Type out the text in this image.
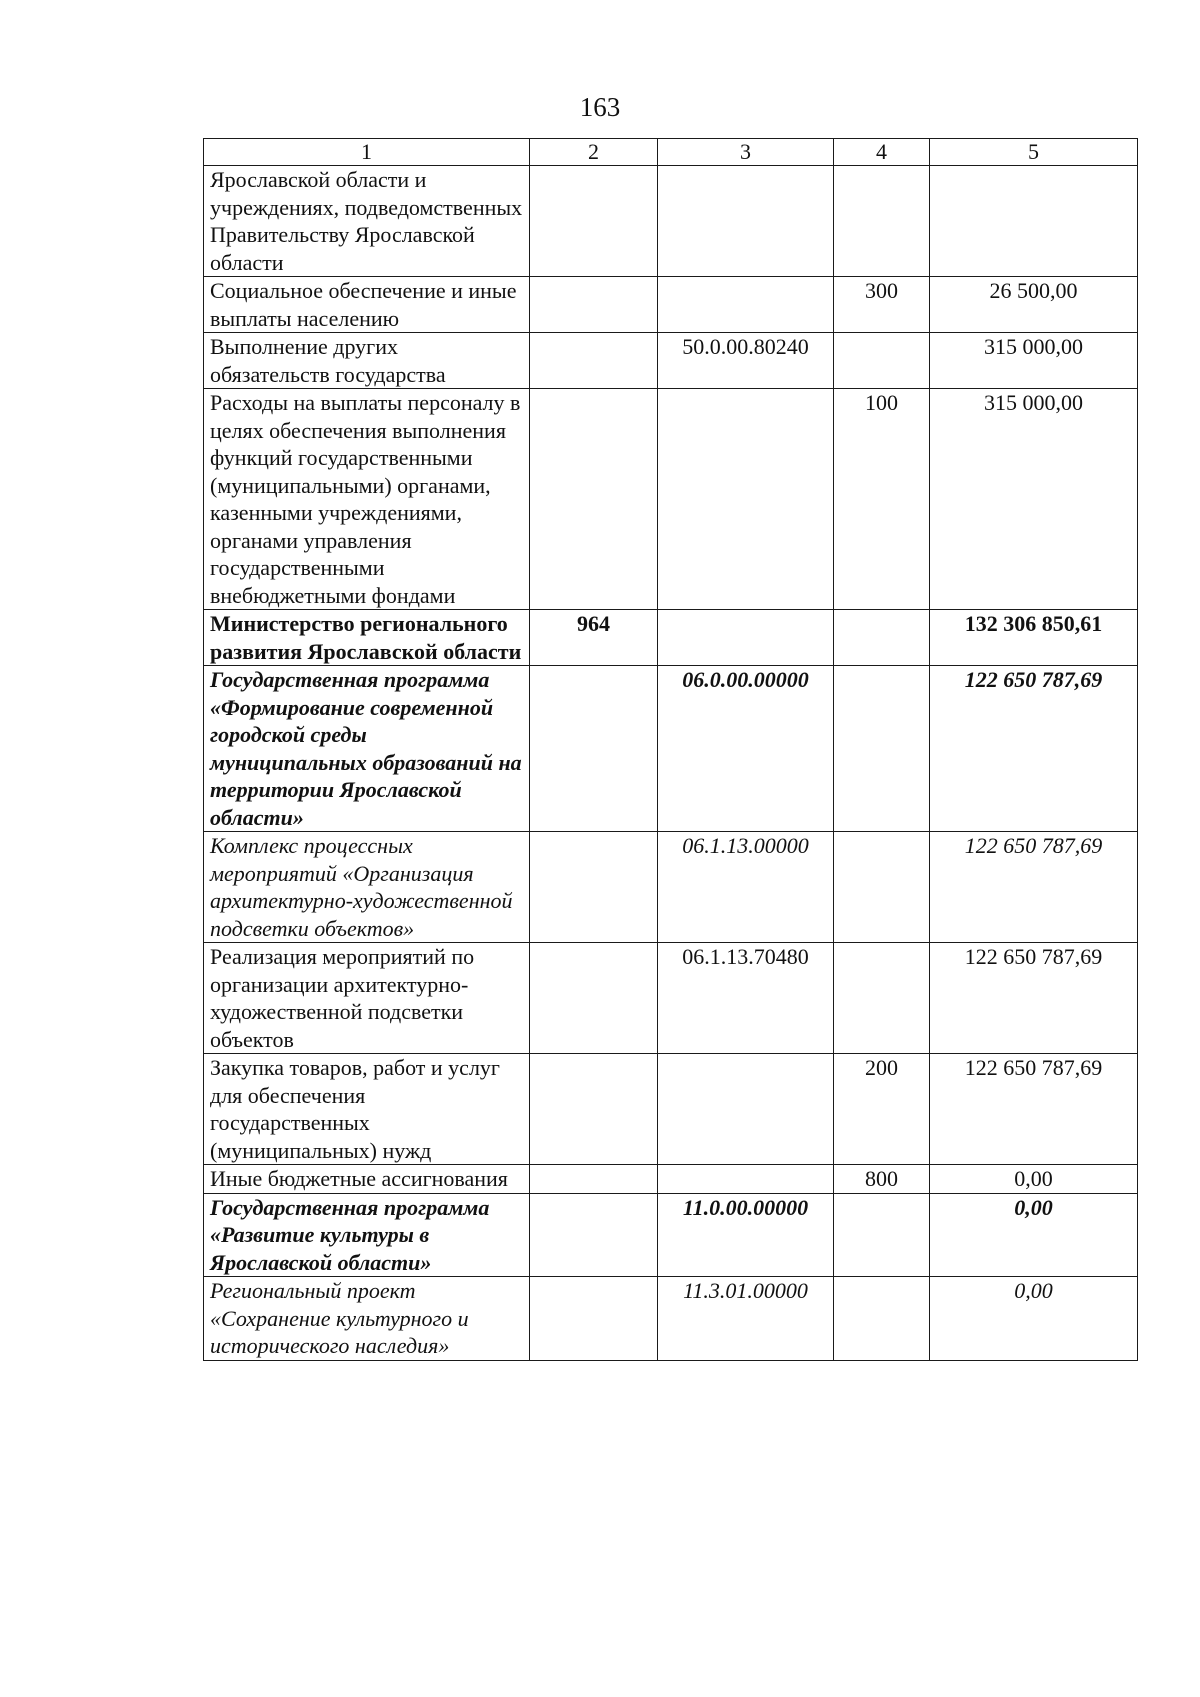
163
1	2	3	4	5
Ярославской области и учреждениях, подведомственных Правительству Ярославской области				
Социальное обеспечение и иные выплаты населению			300	26 500,00
Выполнение других обязательств государства		50.0.00.80240		315 000,00
Расходы на выплаты персоналу в целях обеспечения выполнения функций государственными (муниципальными) органами, казенными учреждениями, органами управления государственными внебюджетными фондами			100	315 000,00
Министерство регионального развития Ярославской области	964			132 306 850,61
Государственная программа «Формирование современной городской среды муниципальных образований на территории Ярославской области»		06.0.00.00000		122 650 787,69
Комплекс процессных мероприятий «Организация архитектурно-художественной подсветки объектов»		06.1.13.00000		122 650 787,69
Реализация мероприятий по организации архитектурно-художественной подсветки объектов		06.1.13.70480		122 650 787,69
Закупка товаров, работ и услуг для обеспечения государственных (муниципальных) нужд			200	122 650 787,69
Иные бюджетные ассигнования			800	0,00
Государственная программа «Развитие культуры в Ярославской области»		11.0.00.00000		0,00
Региональный проект «Сохранение культурного и исторического наследия»		11.3.01.00000		0,00
